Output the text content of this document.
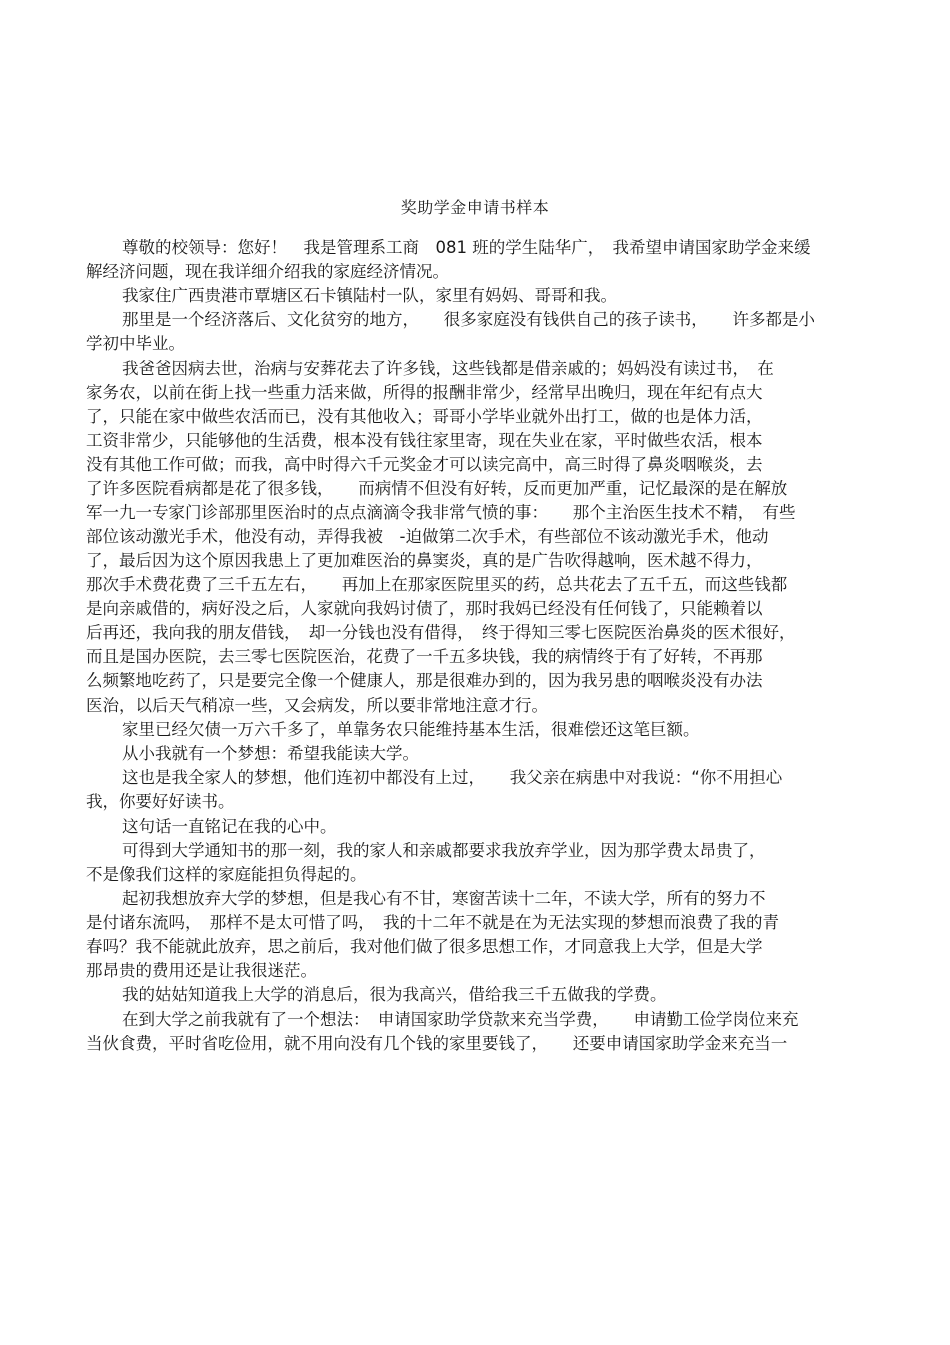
奖助学金申请书样本
尊敬的校领导：您好！　我是管理系工商　081 班的学生陆华广，　我希望申请国家助学金来缓
解经济问题，现在我详细介绍我的家庭经济情况。
我家住广西贵港市覃塘区石卡镇陆村一队，家里有妈妈、哥哥和我。
那里是一个经济落后、文化贫穷的地方，　　很多家庭没有钱供自己的孩子读书，　　许多都是小
学初中毕业。
我爸爸因病去世，治病与安葬花去了许多钱，这些钱都是借亲戚的；妈妈没有读过书，　在
家务农，以前在街上找一些重力活来做，所得的报酬非常少，经常早出晚归，现在年纪有点大
了，只能在家中做些农活而已，没有其他收入；哥哥小学毕业就外出打工，做的也是体力活，
工资非常少，只能够他的生活费，根本没有钱往家里寄，现在失业在家，平时做些农活，根本
没有其他工作可做；而我，高中时得六千元奖金才可以读完高中，高三时得了鼻炎咽喉炎，去
了许多医院看病都是花了很多钱，　　而病情不但没有好转，反而更加严重，记忆最深的是在解放
军一九一专家门诊部那里医治时的点点滴滴令我非常气愤的事：　　那个主治医生技术不精，　有些
部位该动激光手术，他没有动，弄得我被　-迫做第二次手术，有些部位不该动激光手术，他动
了，最后因为这个原因我患上了更加难医治的鼻窦炎，真的是广告吹得越响，医术越不得力，
那次手术费花费了三千五左右，　　再加上在那家医院里买的药，总共花去了五千五，而这些钱都
是向亲戚借的，病好没之后，人家就向我妈讨债了，那时我妈已经没有任何钱了，只能赖着以
后再还，我向我的朋友借钱，　却一分钱也没有借得，　终于得知三零七医院医治鼻炎的医术很好，
而且是国办医院，去三零七医院医治，花费了一千五多块钱，我的病情终于有了好转，不再那
么频繁地吃药了，只是要完全像一个健康人，那是很难办到的，因为我另患的咽喉炎没有办法
医治，以后天气稍凉一些，又会病发，所以要非常地注意才行。
家里已经欠债一万六千多了，单靠务农只能维持基本生活，很难偿还这笔巨额。
从小我就有一个梦想：希望我能读大学。
这也是我全家人的梦想，他们连初中都没有上过，　　我父亲在病患中对我说：“你不用担心
我，你要好好读书。
这句话一直铭记在我的心中。
可得到大学通知书的那一刻，我的家人和亲戚都要求我放弃学业，因为那学费太昂贵了，
不是像我们这样的家庭能担负得起的。
起初我想放弃大学的梦想，但是我心有不甘，寒窗苦读十二年，不读大学，所有的努力不
是付诸东流吗，　那样不是太可惜了吗，　我的十二年不就是在为无法实现的梦想而浪费了我的青
春吗？我不能就此放弃，思之前后，我对他们做了很多思想工作，才同意我上大学，但是大学
那昂贵的费用还是让我很迷茫。
我的姑姑知道我上大学的消息后，很为我高兴，借给我三千五做我的学费。
在到大学之前我就有了一个想法：　申请国家助学贷款来充当学费，　　申请勤工俭学岗位来充
当伙食费，平时省吃俭用，就不用向没有几个钱的家里要钱了，　　还要申请国家助学金来充当一
